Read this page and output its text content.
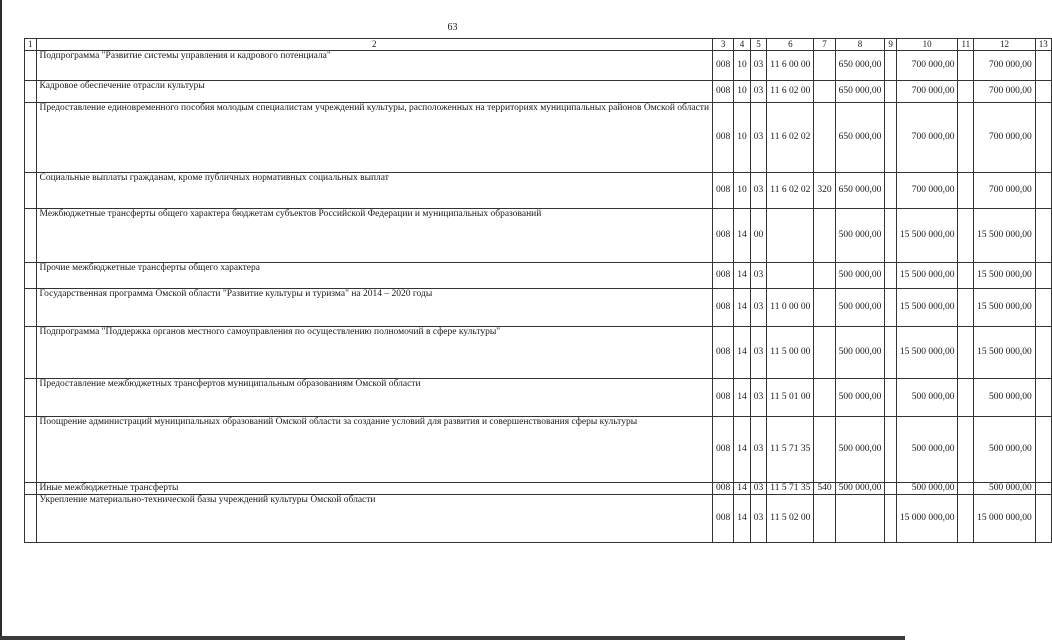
63
1	2	3	4	5	6	7	8	9	10	11	12	13
	Подпрограмма "Развитие системы управления и кадрового потенциала"	008	10	03	11 6 00 00		650 000,00		700 000,00		700 000,00	
	Кадровое обеспечение отрасли культуры	008	10	03	11 6 02 00		650 000,00		700 000,00		700 000,00	
	Предоставление единовременного пособия молодым специалистам учреждений культуры, расположенных на территориях муниципальных районов Омской области	008	10	03	11 6 02 02		650 000,00		700 000,00		700 000,00	
	Социальные выплаты гражданам, кроме публичных нормативных социальных выплат	008	10	03	11 6 02 02	320	650 000,00		700 000,00		700 000,00	
	Межбюджетные трансферты общего характера бюджетам субъектов Российской Федерации и муниципальных образований	008	14	00			500 000,00		15 500 000,00		15 500 000,00	
	Прочие межбюджетные трансферты общего характера	008	14	03			500 000,00		15 500 000,00		15 500 000,00	
	Государственная программа Омской области "Развитие культуры и туризма" на 2014 – 2020 годы	008	14	03	11 0 00 00		500 000,00		15 500 000,00		15 500 000,00	
	Подпрограмма "Поддержка органов местного самоуправления по осуществлению полномочий в сфере культуры"	008	14	03	11 5 00 00		500 000,00		15 500 000,00		15 500 000,00	
	Предоставление межбюджетных трансфертов муниципальным образованиям Омской области	008	14	03	11 5 01 00		500 000,00		500 000,00		500 000,00	
	Поощрение администраций муниципальных образований Омской области за создание условий для развития и совершенствования сферы культуры	008	14	03	11 5 71 35		500 000,00		500 000,00		500 000,00	
	Иные межбюджетные трансферты	008	14	03	11 5 71 35	540	500 000,00		500 000,00		500 000,00	
	Укрепление материально-технической базы учреждений культуры Омской области	008	14	03	11 5 02 00				15 000 000,00		15 000 000,00	
